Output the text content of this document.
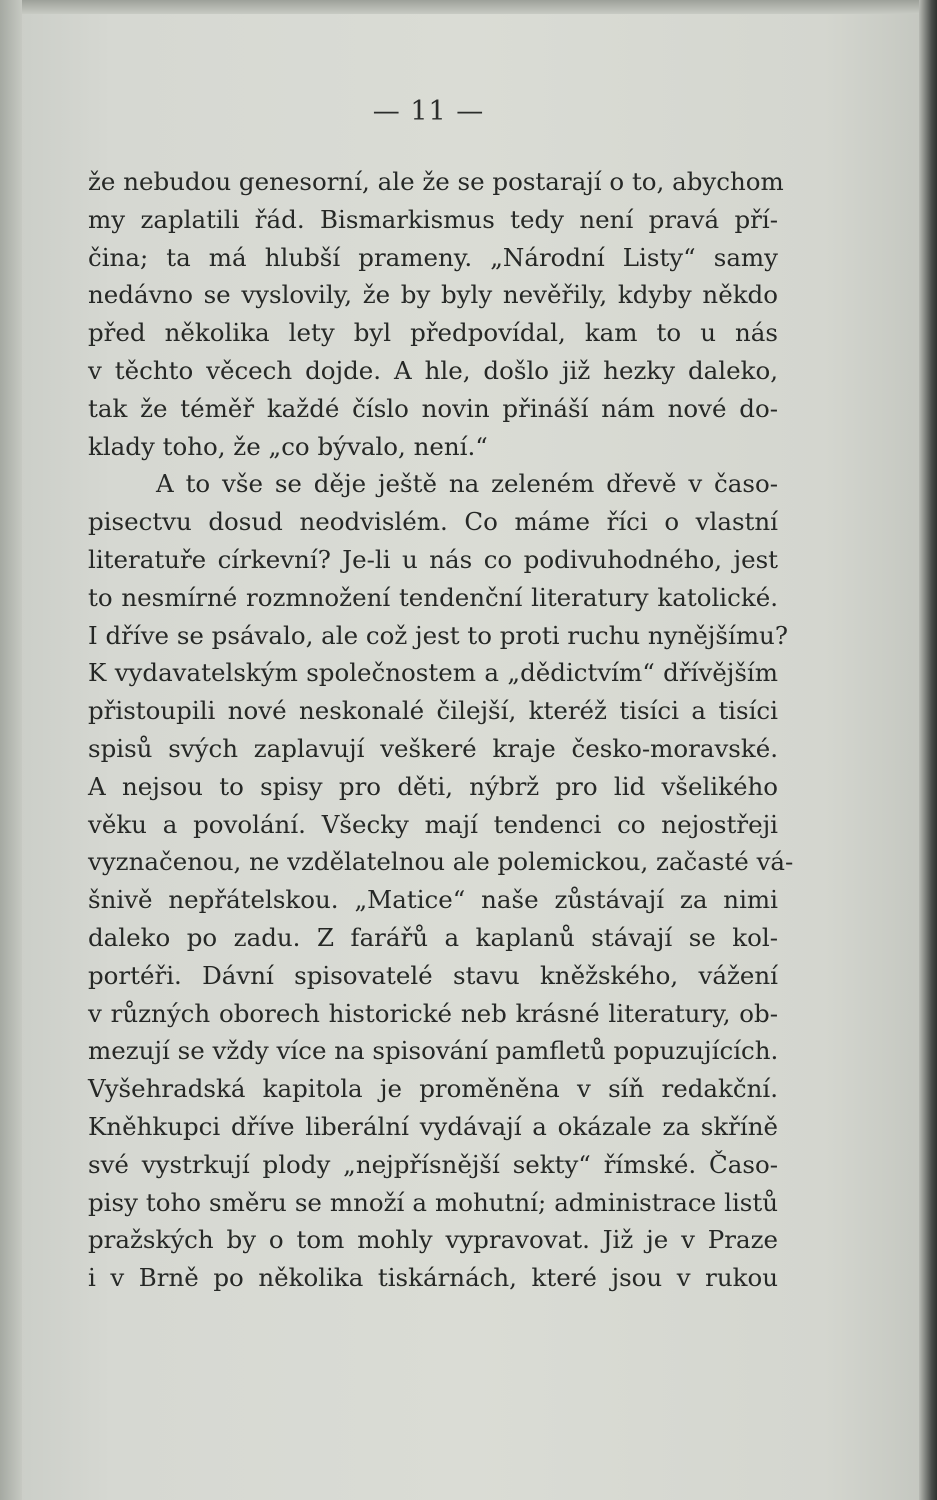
— 11 —
že nebudou genesorní, ale že se postarají o to, abychom
my zaplatili řád. Bismarkismus tedy není pravá pří-
čina; ta má hlubší prameny. „Národní Listy“ samy
nedávno se vyslovily, že by byly nevěřily, kdyby někdo
před několika lety byl předpovídal, kam to u nás
v těchto věcech dojde. A hle, došlo již hezky daleko,
tak že téměř každé číslo novin přináší nám nové do-
klady toho, že „co bývalo, není.“
A to vše se děje ještě na zeleném dřevě v časo-
pisectvu dosud neodvislém. Co máme říci o vlastní
literatuře církevní? Je-li u nás co podivuhodného, jest
to nesmírné rozmnožení tendenční literatury katolické.
I dříve se psávalo, ale což jest to proti ruchu nynějšímu?
K vydavatelským společnostem a „dědictvím“ dřívějším
přistoupili nové neskonalé čilejší, kteréž tisíci a tisíci
spisů svých zaplavují veškeré kraje česko-moravské.
A nejsou to spisy pro děti, nýbrž pro lid všelikého
věku a povolání. Všecky mají tendenci co nejostřeji
vyznačenou, ne vzdělatelnou ale polemickou, začasté vá-
šnivě nepřátelskou. „Matice“ naše zůstávají za nimi
daleko po zadu. Z farářů a kaplanů stávají se kol-
portéři. Dávní spisovatelé stavu kněžského, vážení
v různých oborech historické neb krásné literatury, ob-
mezují se vždy více na spisování pamfletů popuzujících.
Vyšehradská kapitola je proměněna v síň redakční.
Kněhkupci dříve liberální vydávají a okázale za skříně
své vystrkují plody „nejpřísnější sekty“ římské. Časo-
pisy toho směru se množí a mohutní; administrace listů
pražských by o tom mohly vypravovat. Již je v Praze
i v Brně po několika tiskárnách, které jsou v rukou
